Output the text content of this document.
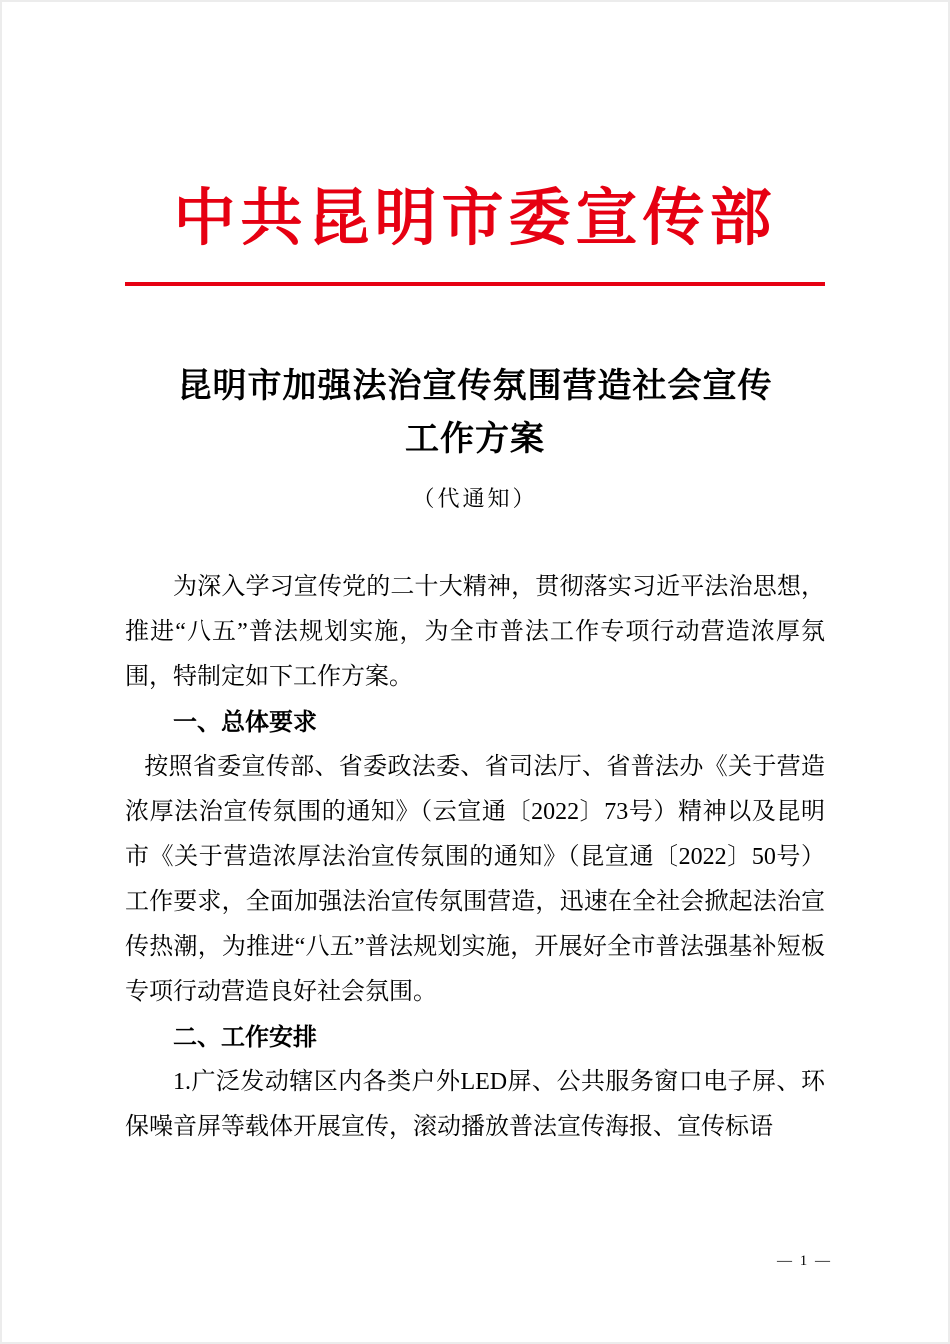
中共昆明市委宣传部
昆明市加强法治宣传氛围营造社会宣传
工作方案
（代通知）

为深入学习宣传党的二十大精神，贯彻落实习近平法治思想，推进“八五”普法规划实施，为全市普法工作专项行动营造浓厚氛围，特制定如下工作方案。

一、总体要求

按照省委宣传部、省委政法委、省司法厅、省普法办《关于营造浓厚法治宣传氛围的通知》（云宣通〔2022〕73号）精神以及昆明市《关于营造浓厚法治宣传氛围的通知》（昆宣通〔2022〕50号）工作要求，全面加强法治宣传氛围营造，迅速在全社会掀起法治宣传热潮，为推进“八五”普法规划实施，开展好全市普法强基补短板专项行动营造良好社会氛围。

二、工作安排

1.广泛发动辖区内各类户外LED屏、公共服务窗口电子屏、环保噪音屏等载体开展宣传，滚动播放普法宣传海报、宣传标语

— 1 —
